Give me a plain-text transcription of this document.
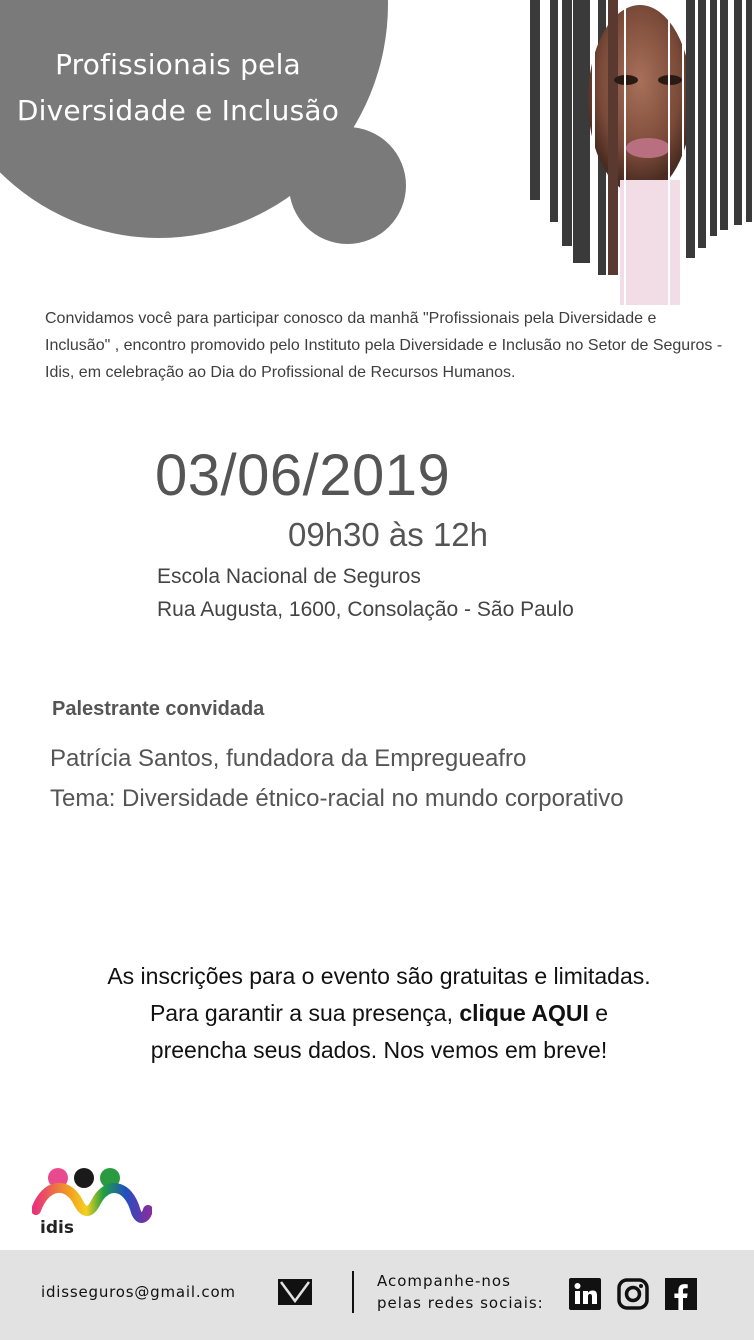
Profissionais pela
Diversidade e Inclusão

Convidamos você para participar conosco da manhã "Profissionais pela Diversidade e Inclusão" , encontro promovido pelo Instituto pela Diversidade e Inclusão no Setor de Seguros - Idis, em celebração ao Dia do Profissional de Recursos Humanos.

03/06/2019
09h30 às 12h
Escola Nacional de Seguros
Rua Augusta, 1600, Consolação - São Paulo
Palestrante convidada
Patrícia Santos, fundadora da Empregueafro
Tema: Diversidade étnico-racial no mundo corporativo
As inscrições para o evento são gratuitas e limitadas.
Para garantir a sua presença, clique AQUI e
preencha seus dados. Nos vemos em breve!
idis
idisseguros@gmail.com
Acompanhe-nos
pelas redes sociais:
